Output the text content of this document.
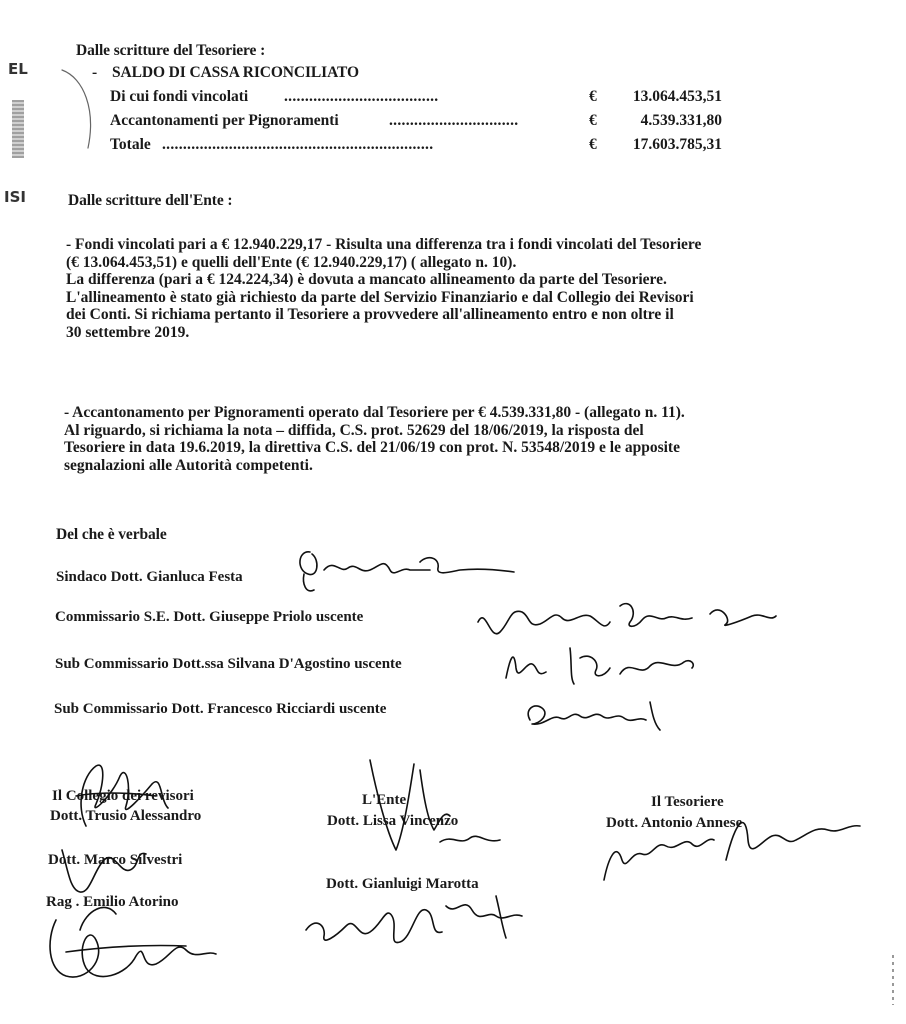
EL
ISI
Dalle scritture del Tesoriere :
- SALDO DI CASSA RICONCILIATO
Di cui fondi vincolati .....................................	€ 13.064.453,51
Accantonamenti per Pignoramenti	...............................	€	4.539.331,80
Totale .................................................................	€ 17.603.785,31
Dalle scritture dell'Ente :
- Fondi vincolati pari a € 12.940.229,17 - Risulta una differenza tra i fondi vincolati del Tesoriere
(€ 13.064.453,51) e quelli dell'Ente (€ 12.940.229,17) ( allegato n. 10).
La differenza (pari a € 124.224,34) è dovuta a mancato allineamento da parte del Tesoriere.
L'allineamento è stato già richiesto da parte del Servizio Finanziario e dal Collegio dei Revisori
dei Conti. Si richiama pertanto il Tesoriere a provvedere all'allineamento entro e non oltre il
30 settembre 2019.
- Accantonamento per Pignoramenti operato dal Tesoriere per € 4.539.331,80 - (allegato n. 11).
Al riguardo, si richiama la nota – diffida, C.S. prot. 52629 del 18/06/2019, la risposta del
Tesoriere in data 19.6.2019, la direttiva C.S. del 21/06/19 con prot. N. 53548/2019 e le apposite
segnalazioni alle Autorità competenti.
Del che è verbale
Sindaco Dott. Gianluca Festa
Commissario S.E. Dott. Giuseppe Priolo uscente
Sub Commissario Dott.ssa Silvana D'Agostino uscente
Sub Commissario Dott. Francesco Ricciardi uscente
Il Collegio dei revisori
Dott. Trusio Alessandro
Dott. Marco Silvestri
Rag . Emilio Atorino
L'Ente
Dott. Lissa Vincenzo
Dott. Gianluigi Marotta
Il Tesoriere
Dott. Antonio Annese
